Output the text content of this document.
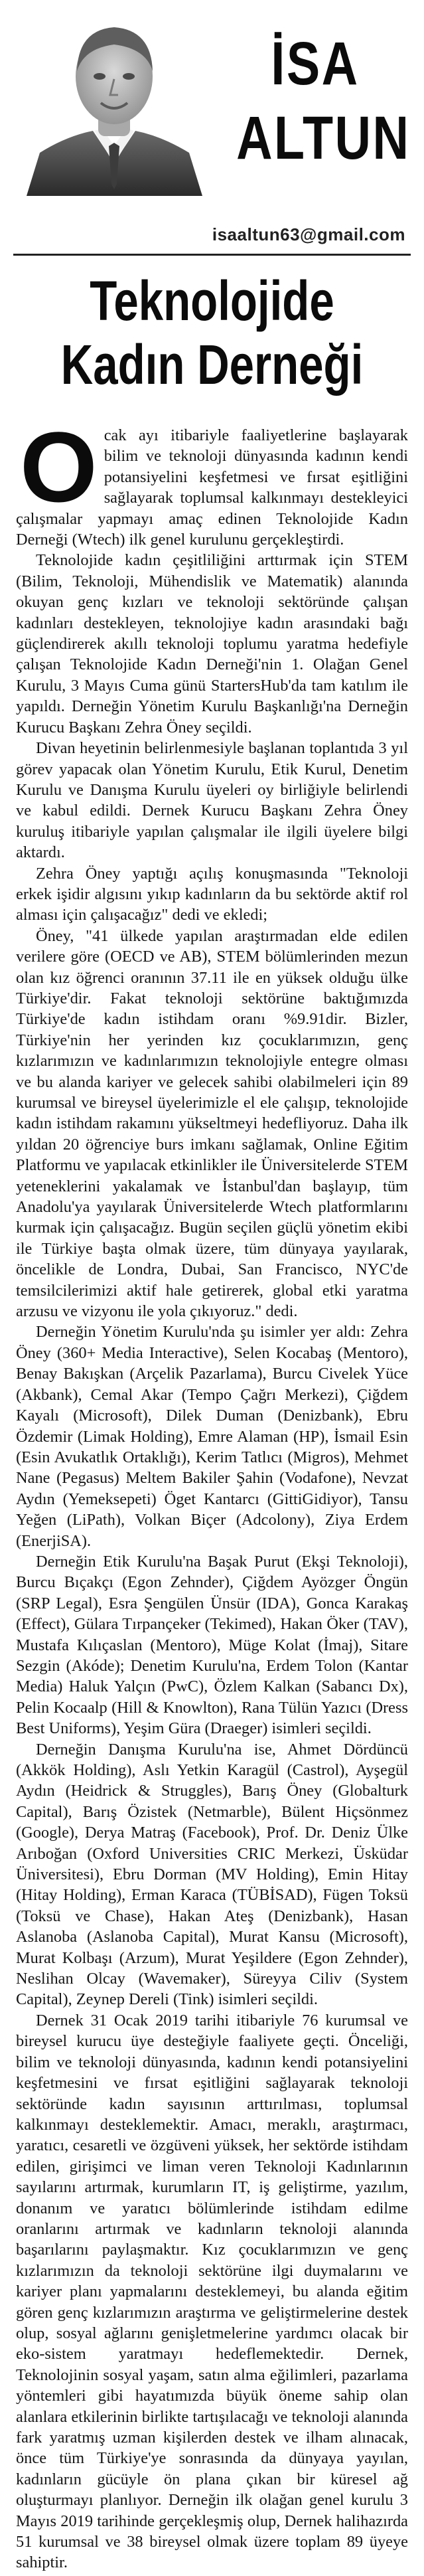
İSA
ALTUN
isaaltun63@gmail.com
Teknolojide
Kadın Derneği

Ocak ayı itibariyle faaliyetlerine başlayarak bilim ve teknoloji dünyasında kadının kendi potansiyelini keşfetmesi ve fırsat eşitliğini sağlayarak toplumsal kalkınmayı destekleyici çalışmalar yapmayı amaç edinen Teknolojide Kadın Derneği (Wtech) ilk genel kurulunu gerçekleştirdi.

Teknolojide kadın çeşitliliğini arttırmak için STEM (Bilim, Teknoloji, Mühendislik ve Matematik) alanında okuyan genç kızları ve teknoloji sektöründe çalışan kadınları destekleyen, teknolojiye kadın arasındaki bağı güçlendirerek akıllı teknoloji toplumu yaratma hedefiyle çalışan Teknolojide Kadın Derneği'nin 1. Olağan Genel Kurulu, 3 Mayıs Cuma günü StartersHub'da tam katılım ile yapıldı. Derneğin Yönetim Kurulu Başkanlığı'na Derneğin Kurucu Başkanı Zehra Öney seçildi.

Divan heyetinin belirlenmesiyle başlanan toplantıda 3 yıl görev yapacak olan Yönetim Kurulu, Etik Kurul, Denetim Kurulu ve Danışma Kurulu üyeleri oy birliğiyle belirlendi ve kabul edildi. Dernek Kurucu Başkanı Zehra Öney kuruluş itibariyle yapılan çalışmalar ile ilgili üyelere bilgi aktardı.

Zehra Öney yaptığı açılış konuşmasında "Teknoloji erkek işidir algısını yıkıp kadınların da bu sektörde aktif rol alması için çalışacağız" dedi ve ekledi;

Öney, "41 ülkede yapılan araştırmadan elde edilen verilere göre (OECD ve AB), STEM bölümlerinden mezun olan kız öğrenci oranının 37.11 ile en yüksek olduğu ülke Türkiye'dir. Fakat teknoloji sektörüne baktığımızda Türkiye'de kadın istihdam oranı %9.91dir. Bizler, Türkiye'nin her yerinden kız çocuklarımızın, genç kızlarımızın ve kadınlarımızın teknolojiyle entegre olması ve bu alanda kariyer ve gelecek sahibi olabilmeleri için 89 kurumsal ve bireysel üyelerimizle el ele çalışıp, teknolojide kadın istihdam rakamını yükseltmeyi hedefliyoruz. Daha ilk yıldan 20 öğrenciye burs imkanı sağlamak, Online Eğitim Platformu ve yapılacak etkinlikler ile Üniversitelerde STEM yeteneklerini yakalamak ve İstanbul'dan başlayıp, tüm Anadolu'ya yayılarak Üniversitelerde Wtech platformlarını kurmak için çalışacağız. Bugün seçilen güçlü yönetim ekibi ile Türkiye başta olmak üzere, tüm dünyaya yayılarak, öncelikle de Londra, Dubai, San Francisco, NYC'de temsilcilerimizi aktif hale getirerek, global etki yaratma arzusu ve vizyonu ile yola çıkıyoruz." dedi.

Derneğin Yönetim Kurulu'nda şu isimler yer aldı: Zehra Öney (360+ Media Interactive), Selen Kocabaş (Mentoro), Benay Bakışkan (Arçelik Pazarlama), Burcu Civelek Yüce (Akbank), Cemal Akar (Tempo Çağrı Merkezi), Çiğdem Kayalı (Microsoft), Dilek Duman (Denizbank), Ebru Özdemir (Limak Holding), Emre Alaman (HP), İsmail Esin (Esin Avukatlık Ortaklığı), Kerim Tatlıcı (Migros), Mehmet Nane (Pegasus) Meltem Bakiler Şahin (Vodafone), Nevzat Aydın (Yemeksepeti) Öget Kantarcı (GittiGidiyor), Tansu Yeğen (LiPath), Volkan Biçer (Adcolony), Ziya Erdem (EnerjiSA).

Derneğin Etik Kurulu'na Başak Purut (Ekşi Teknoloji), Burcu Bıçakçı (Egon Zehnder), Çiğdem Ayözger Öngün (SRP Legal), Esra Şengülen Ünsür (IDA), Gonca Karakaş (Effect), Gülara Tırpançeker (Tekimed), Hakan Öker (TAV), Mustafa Kılıçaslan (Mentoro), Müge Kolat (İmaj), Sitare Sezgin (Akóde); Denetim Kurulu'na, Erdem Tolon (Kantar Media) Haluk Yalçın (PwC), Özlem Kalkan (Sabancı Dx), Pelin Kocaalp (Hill & Knowlton), Rana Tülün Yazıcı (Dress Best Uniforms), Yeşim Güra (Draeger) isimleri seçildi.

Derneğin Danışma Kurulu'na ise, Ahmet Dördüncü (Akkök Holding), Aslı Yetkin Karagül (Castrol), Ayşegül Aydın (Heidrick & Struggles), Barış Öney (Globalturk Capital), Barış Özistek (Netmarble), Bülent Hiçsönmez (Google), Derya Matraş (Facebook), Prof. Dr. Deniz Ülke Arıboğan (Oxford Universities CRIC Merkezi, Üsküdar Üniversitesi), Ebru Dorman (MV Holding), Emin Hitay (Hitay Holding), Erman Karaca (TÜBİSAD), Fügen Toksü (Toksü ve Chase), Hakan Ateş (Denizbank), Hasan Aslanoba (Aslanoba Capital), Murat Kansu (Microsoft), Murat Kolbaşı (Arzum), Murat Yeşildere (Egon Zehnder), Neslihan Olcay (Wavemaker), Süreyya Ciliv (System Capital), Zeynep Dereli (Tink) isimleri seçildi.

Dernek 31 Ocak 2019 tarihi itibariyle 76 kurumsal ve bireysel kurucu üye desteğiyle faaliyete geçti. Önceliği, bilim ve teknoloji dünyasında, kadının kendi potansiyelini keşfetmesini ve fırsat eşitliğini sağlayarak teknoloji sektöründe kadın sayısının arttırılması, toplumsal kalkınmayı desteklemektir. Amacı, meraklı, araştırmacı, yaratıcı, cesaretli ve özgüveni yüksek, her sektörde istihdam edilen, girişimci ve liman veren Teknoloji Kadınlarının sayılarını artırmak, kurumların IT, iş geliştirme, yazılım, donanım ve yaratıcı bölümlerinde istihdam edilme oranlarını artırmak ve kadınların teknoloji alanında başarılarını paylaşmaktır. Kız çocuklarımızın ve genç kızlarımızın da teknoloji sektörüne ilgi duymalarını ve kariyer planı yapmalarını desteklemeyi, bu alanda eğitim gören genç kızlarımızın araştırma ve geliştirmelerine destek olup, sosyal ağlarını genişletmelerine yardımcı olacak bir eko-sistem yaratmayı hedeflemektedir. Dernek, Teknolojinin sosyal yaşam, satın alma eğilimleri, pazarlama yöntemleri gibi hayatımızda büyük öneme sahip olan alanlara etkilerinin birlikte tartışılacağı ve teknoloji alanında fark yaratmış uzman kişilerden destek ve ilham alınacak, önce tüm Türkiye'ye sonrasında da dünyaya yayılan, kadınların gücüyle ön plana çıkan bir küresel ağ oluşturmayı planlıyor. Derneğin ilk olağan genel kurulu 3 Mayıs 2019 tarihinde gerçekleşmiş olup, Dernek halihazırda 51 kurumsal ve 38 bireysel olmak üzere toplam 89 üyeye sahiptir.
